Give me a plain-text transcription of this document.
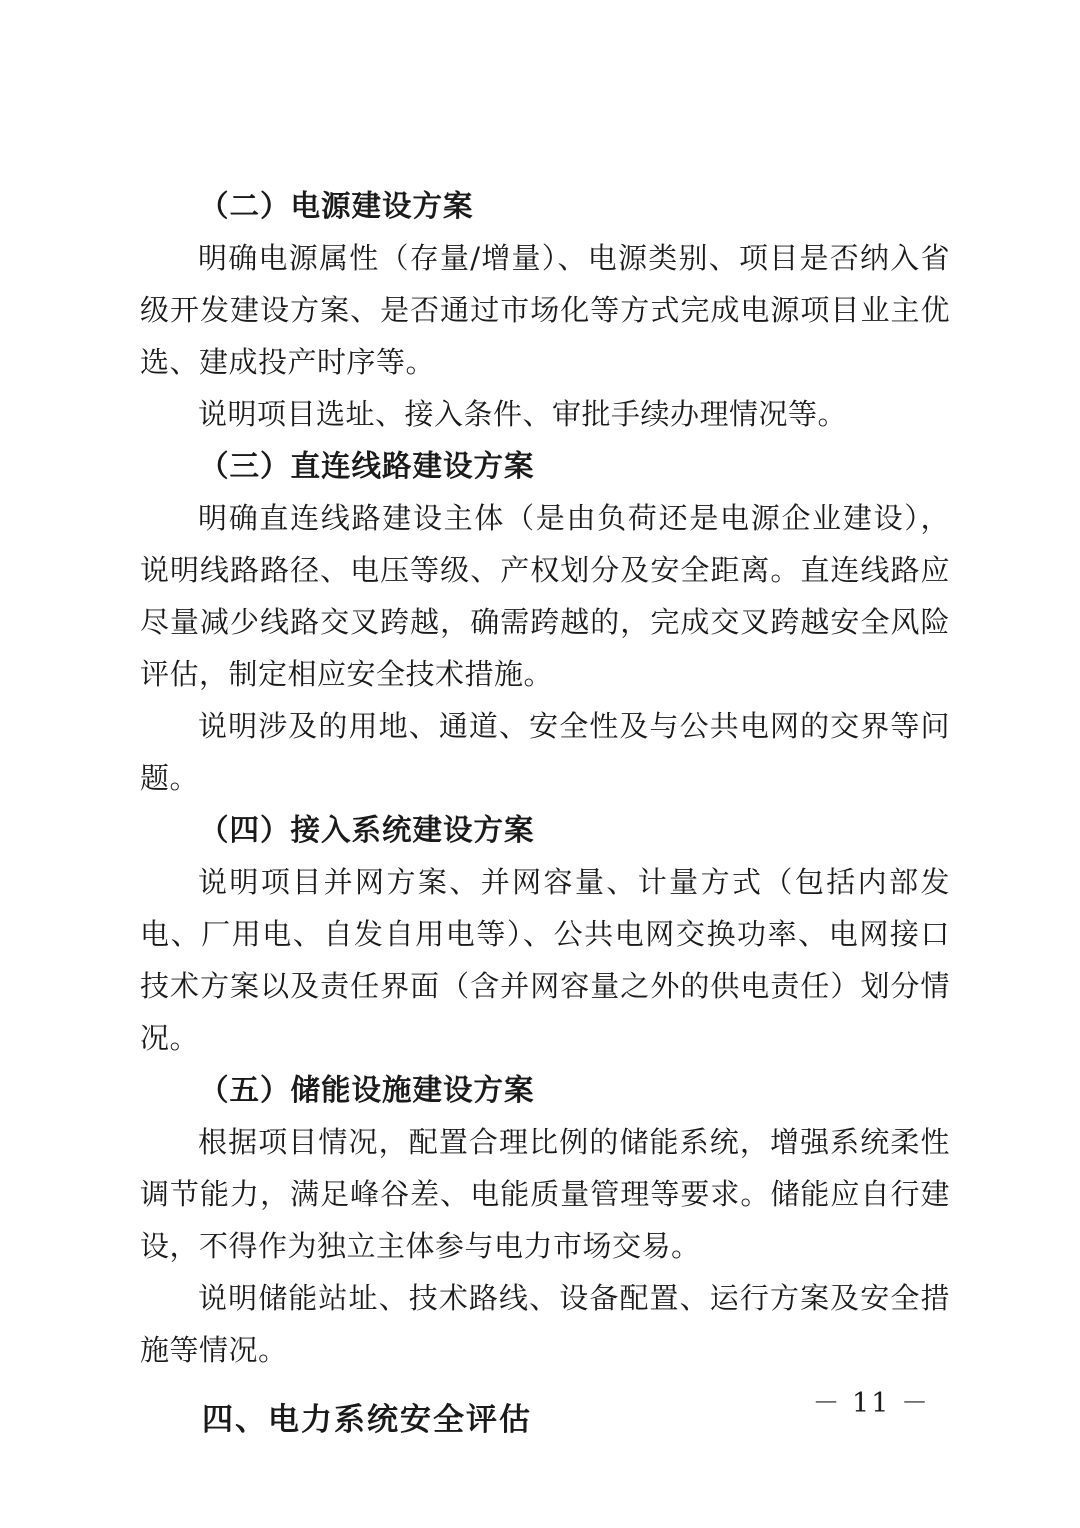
（二）电源建设方案

明确电源属性（存量/增量）、电源类别、项目是否纳入省级开发建设方案、是否通过市场化等方式完成电源项目业主优选、建成投产时序等。

说明项目选址、接入条件、审批手续办理情况等。

（三）直连线路建设方案

明确直连线路建设主体（是由负荷还是电源企业建设），说明线路路径、电压等级、产权划分及安全距离。直连线路应尽量减少线路交叉跨越，确需跨越的，完成交叉跨越安全风险评估，制定相应安全技术措施。

说明涉及的用地、通道、安全性及与公共电网的交界等问题。

（四）接入系统建设方案

说明项目并网方案、并网容量、计量方式（包括内部发电、厂用电、自发自用电等）、公共电网交换功率、电网接口技术方案以及责任界面（含并网容量之外的供电责任）划分情况。

（五）储能设施建设方案

根据项目情况，配置合理比例的储能系统，增强系统柔性调节能力，满足峰谷差、电能质量管理等要求。储能应自行建设，不得作为独立主体参与电力市场交易。

说明储能站址、技术路线、设备配置、运行方案及安全措施等情况。

四、电力系统安全评估	－ 11 －
